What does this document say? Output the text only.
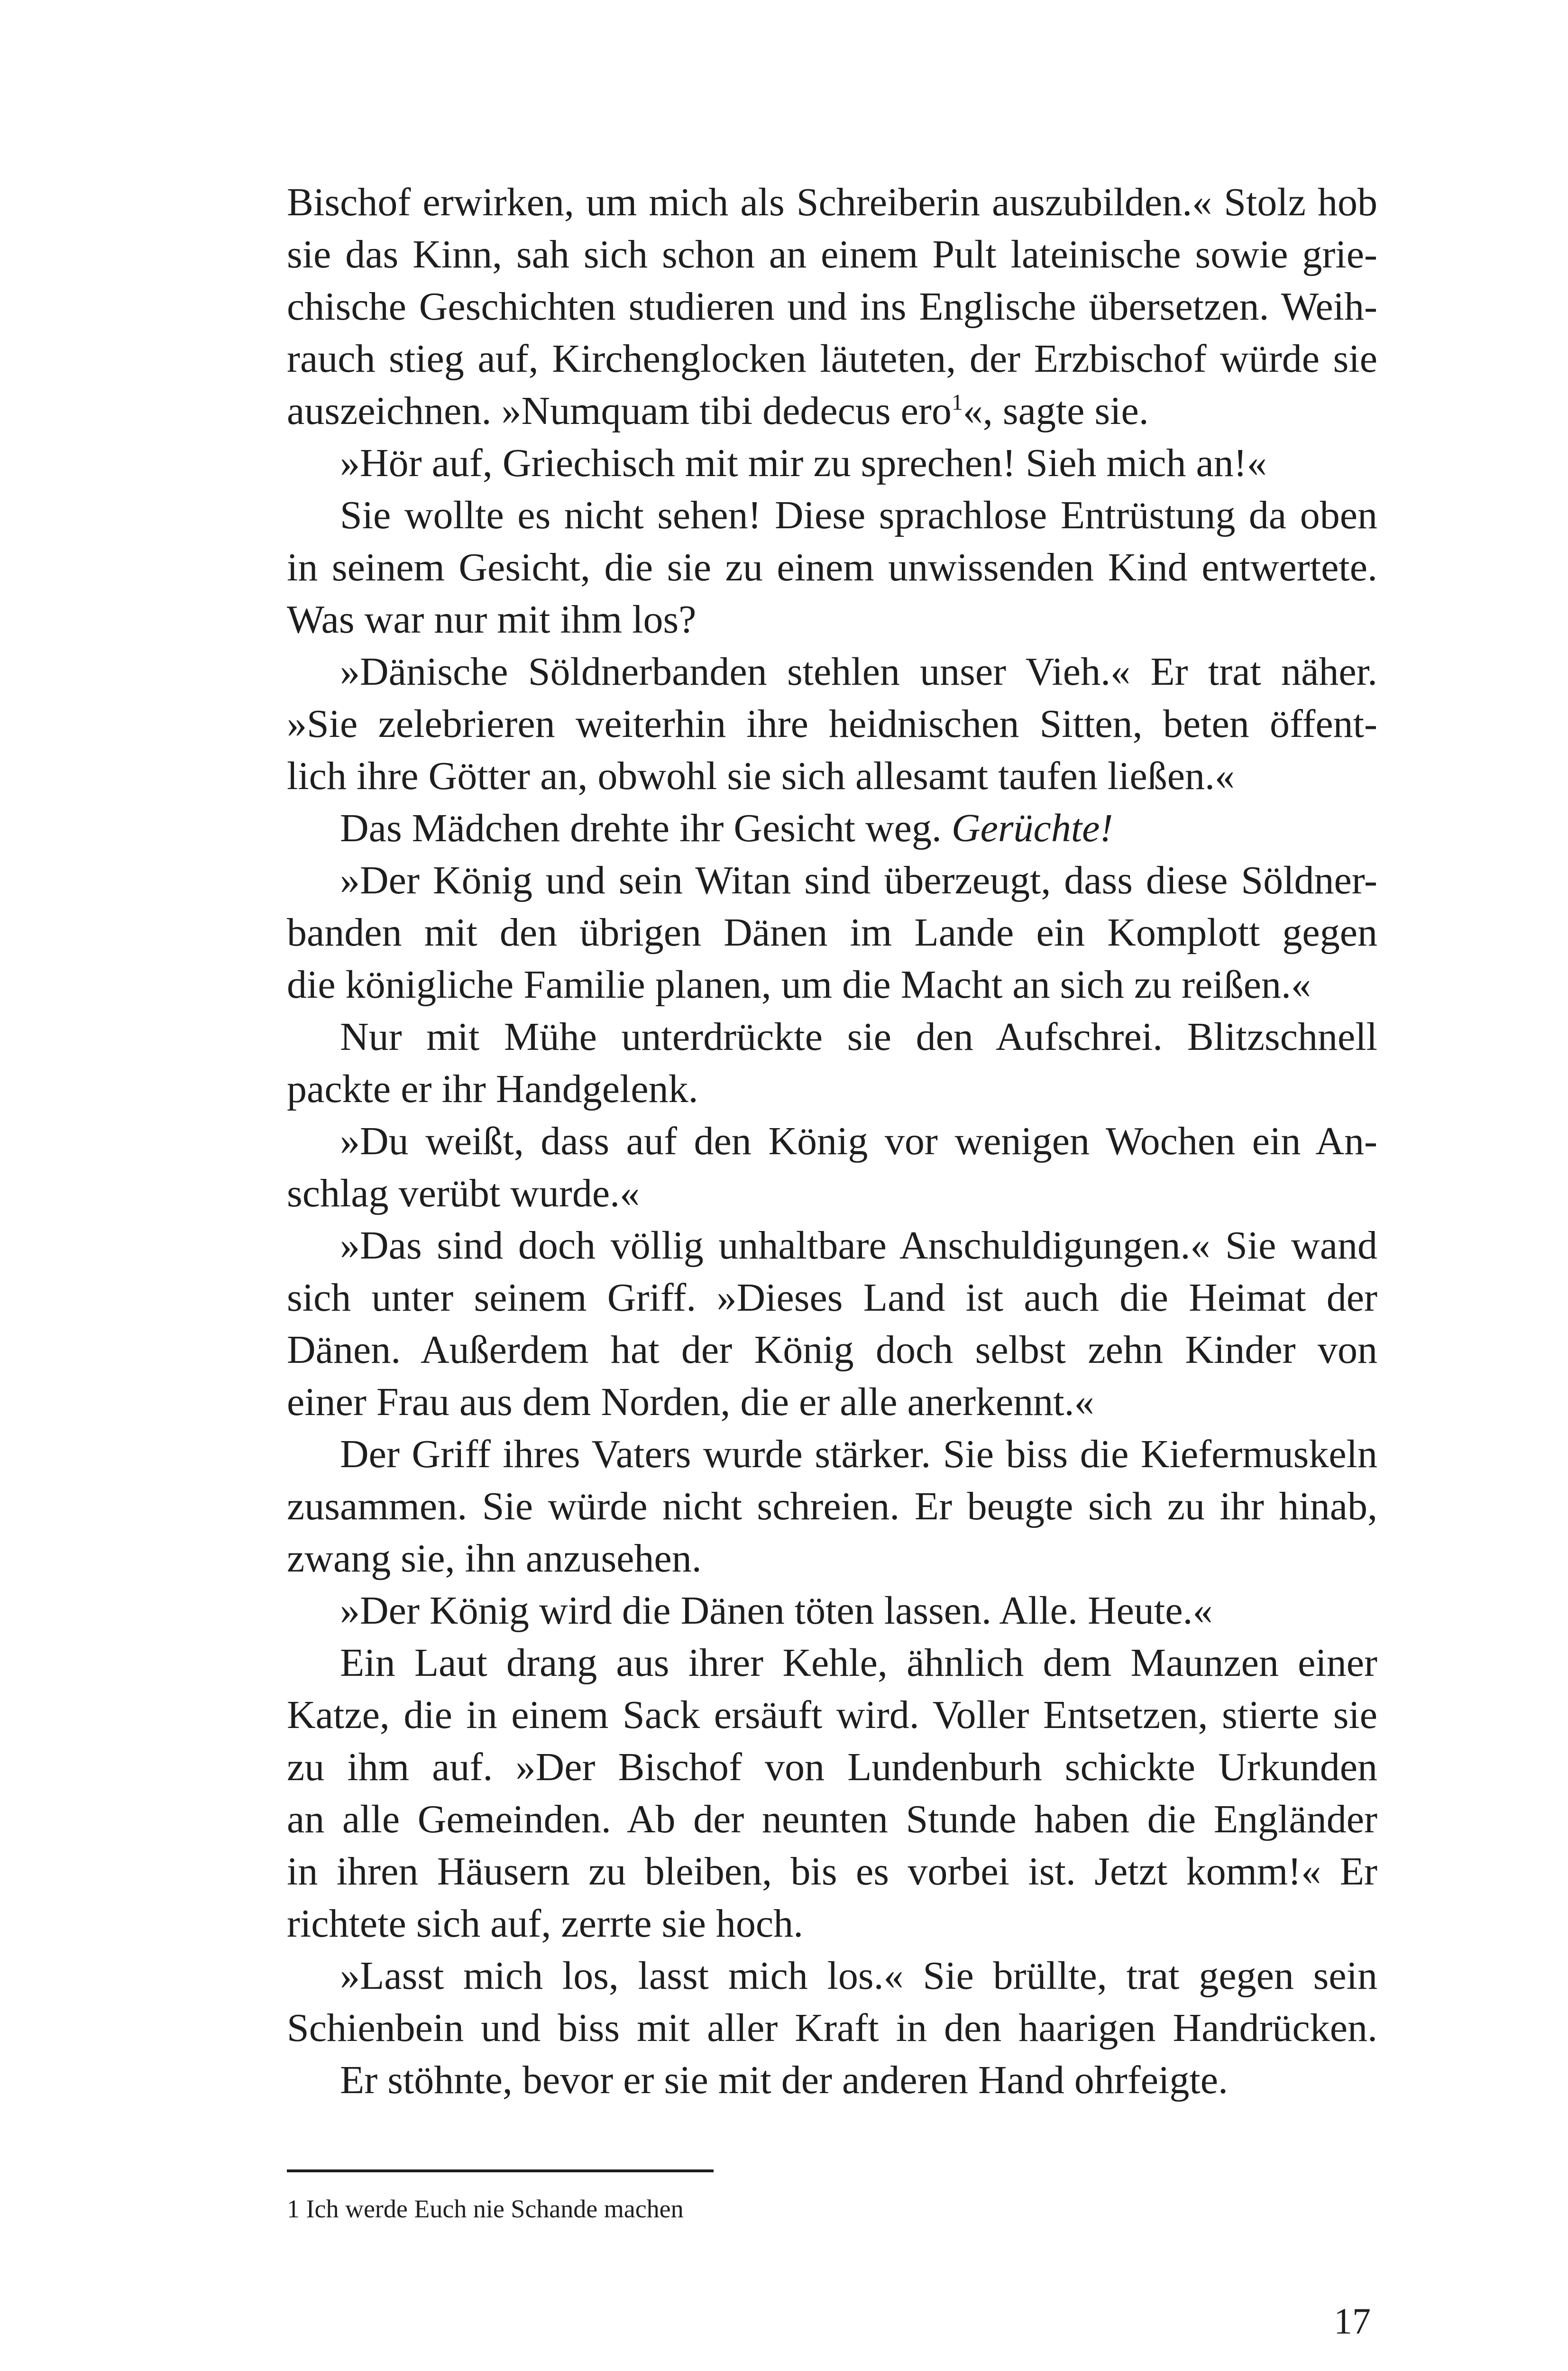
Bischof erwirken, um mich als Schreiberin auszubilden.« Stolz hob
sie das Kinn, sah sich schon an einem Pult lateinische sowie grie-
chische Geschichten studieren und ins Englische übersetzen. Weih-
rauch stieg auf, Kirchenglocken läuteten, der Erzbischof würde sie
auszeichnen. »Numquam tibi dedecus ero$^1$«, sagte sie.
»Hör auf, Griechisch mit mir zu sprechen! Sieh mich an!«
Sie wollte es nicht sehen! Diese sprachlose Entrüstung da oben
in seinem Gesicht, die sie zu einem unwissenden Kind entwertete.
Was war nur mit ihm los?
»Dänische Söldnerbanden stehlen unser Vieh.« Er trat näher.
»Sie zelebrieren weiterhin ihre heidnischen Sitten, beten öffent-
lich ihre Götter an, obwohl sie sich allesamt taufen ließen.«
Das Mädchen drehte ihr Gesicht weg. Gerüchte!
»Der König und sein Witan sind überzeugt, dass diese Söldner-
banden mit den übrigen Dänen im Lande ein Komplott gegen
die königliche Familie planen, um die Macht an sich zu reißen.«
Nur mit Mühe unterdrückte sie den Aufschrei. Blitzschnell
packte er ihr Handgelenk.
»Du weißt, dass auf den König vor wenigen Wochen ein An-
schlag verübt wurde.«
»Das sind doch völlig unhaltbare Anschuldigungen.« Sie wand
sich unter seinem Griff. »Dieses Land ist auch die Heimat der
Dänen. Außerdem hat der König doch selbst zehn Kinder von
einer Frau aus dem Norden, die er alle anerkennt.«
Der Griff ihres Vaters wurde stärker. Sie biss die Kiefermuskeln
zusammen. Sie würde nicht schreien. Er beugte sich zu ihr hinab,
zwang sie, ihn anzusehen.
»Der König wird die Dänen töten lassen. Alle. Heute.«
Ein Laut drang aus ihrer Kehle, ähnlich dem Maunzen einer
Katze, die in einem Sack ersäuft wird. Voller Entsetzen, stierte sie
zu ihm auf. »Der Bischof von Lundenburh schickte Urkunden
an alle Gemeinden. Ab der neunten Stunde haben die Engländer
in ihren Häusern zu bleiben, bis es vorbei ist. Jetzt komm!« Er
richtete sich auf, zerrte sie hoch.
»Lasst mich los, lasst mich los.« Sie brüllte, trat gegen sein
Schienbein und biss mit aller Kraft in den haarigen Handrücken.
Er stöhnte, bevor er sie mit der anderen Hand ohrfeigte.
1 Ich werde Euch nie Schande machen
17
